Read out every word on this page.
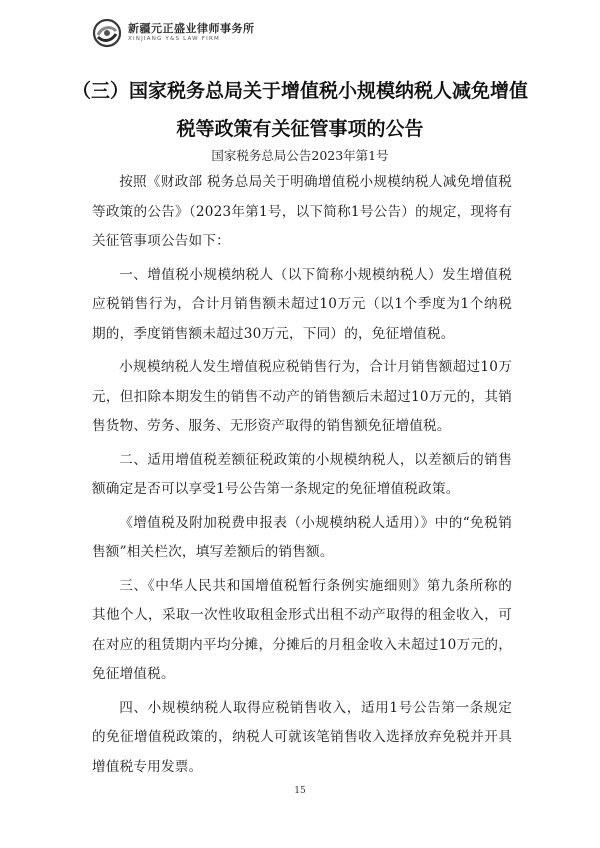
新疆元正盛业律师事务所
XINJIANG Y&S LAW FIRM
（三）国家税务总局关于增值税小规模纳税人减免增值税等政策有关征管事项的公告

国家税务总局公告2023年第1号

按照《财政部 税务总局关于明确增值税小规模纳税人减免增值税等政策的公告》（2023年第1号，以下简称1号公告）的规定，现将有关征管事项公告如下：

一、增值税小规模纳税人（以下简称小规模纳税人）发生增值税应税销售行为，合计月销售额未超过10万元（以1个季度为1个纳税期的，季度销售额未超过30万元，下同）的，免征增值税。

小规模纳税人发生增值税应税销售行为，合计月销售额超过10万元，但扣除本期发生的销售不动产的销售额后未超过10万元的，其销售货物、劳务、服务、无形资产取得的销售额免征增值税。

二、适用增值税差额征税政策的小规模纳税人，以差额后的销售额确定是否可以享受1号公告第一条规定的免征增值税政策。

《增值税及附加税费申报表（小规模纳税人适用）》中的“免税销售额”相关栏次，填写差额后的销售额。

三、《中华人民共和国增值税暂行条例实施细则》第九条所称的其他个人，采取一次性收取租金形式出租不动产取得的租金收入，可在对应的租赁期内平均分摊，分摊后的月租金收入未超过10万元的，免征增值税。

四、小规模纳税人取得应税销售收入，适用1号公告第一条规定的免征增值税政策的，纳税人可就该笔销售收入选择放弃免税并开具增值税专用发票。

15
